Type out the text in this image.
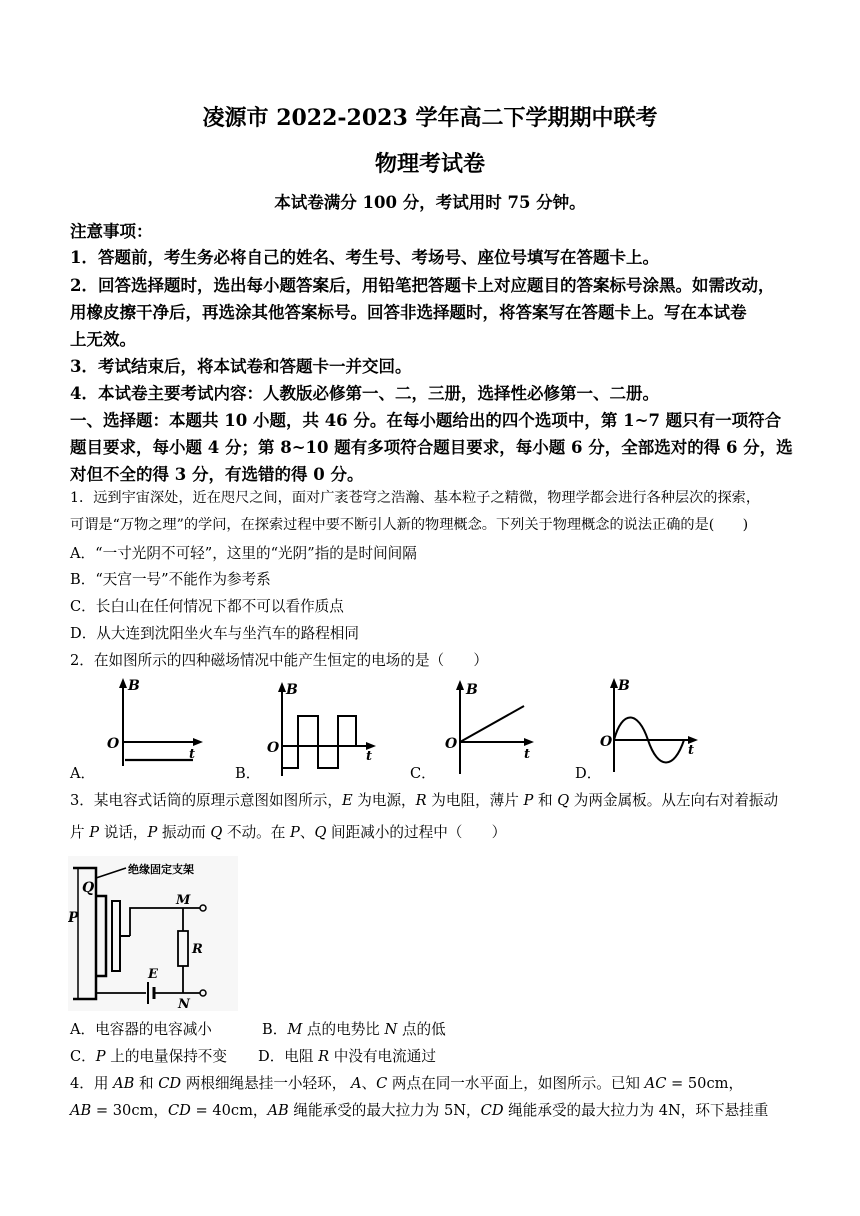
凌源市 2022-2023 学年高二下学期期中联考
物理考试卷
本试卷满分 100 分，考试用时 75 分钟。
注意事项：
1．答题前，考生务必将自己的姓名、考生号、考场号、座位号填写在答题卡上。
2．回答选择题时，选出每小题答案后，用铅笔把答题卡上对应题目的答案标号涂黑。如需改动，
用橡皮擦干净后，再选涂其他答案标号。回答非选择题时，将答案写在答题卡上。写在本试卷
上无效。
3．考试结束后，将本试卷和答题卡一并交回。
4．本试卷主要考试内容：人教版必修第一、二，三册，选择性必修第一、二册。
一、选择题：本题共 10 小题，共 46 分。在每小题给出的四个选项中，第 1~7 题只有一项符合
题目要求，每小题 4 分；第 8~10 题有多项符合题目要求，每小题 6 分，全部选对的得 6 分，选
对但不全的得 3 分，有选错的得 0 分。
1．远到宇宙深处，近在咫尺之间，面对广袤苍穹之浩瀚、基本粒子之精微，物理学都会进行各种层次的探索，
可谓是“万物之理”的学问，在探索过程中要不断引人新的物理概念。下列关于物理概念的说法正确的是(　　)
A．“一寸光阴不可轻”，这里的“光阴”指的是时间间隔
B．“天宫一号”不能作为参考系
C．长白山在任何情况下都不可以看作质点
D．从大连到沈阳坐火车与坐汽车的路程相同
2．在如图所示的四种磁场情况中能产生恒定的电场的是（　　）
B
O
t
A．
B
O
t
B．
B
O
t
C．
B
O
t
D．
3．某电容式话筒的原理示意图如图所示，E 为电源，R 为电阻，薄片 P 和 Q 为两金属板。从左向右对着振动
片 P 说话，P 振动而 Q 不动。在 P、Q 间距减小的过程中（　　）
绝缘固定支架
Q
P
M
R
E
N
A．电容器的电容减小	B．M 点的电势比 N 点的低
C．P 上的电量保持不变 D．电阻 R 中没有电流通过
4．用 AB 和 CD 两根细绳悬挂一小轻环， A、C 两点在同一水平面上，如图所示。已知 AC = 50cm，
AB = 30cm，CD = 40cm，AB 绳能承受的最大拉力为 5N，CD 绳能承受的最大拉力为 4N，环下悬挂重
